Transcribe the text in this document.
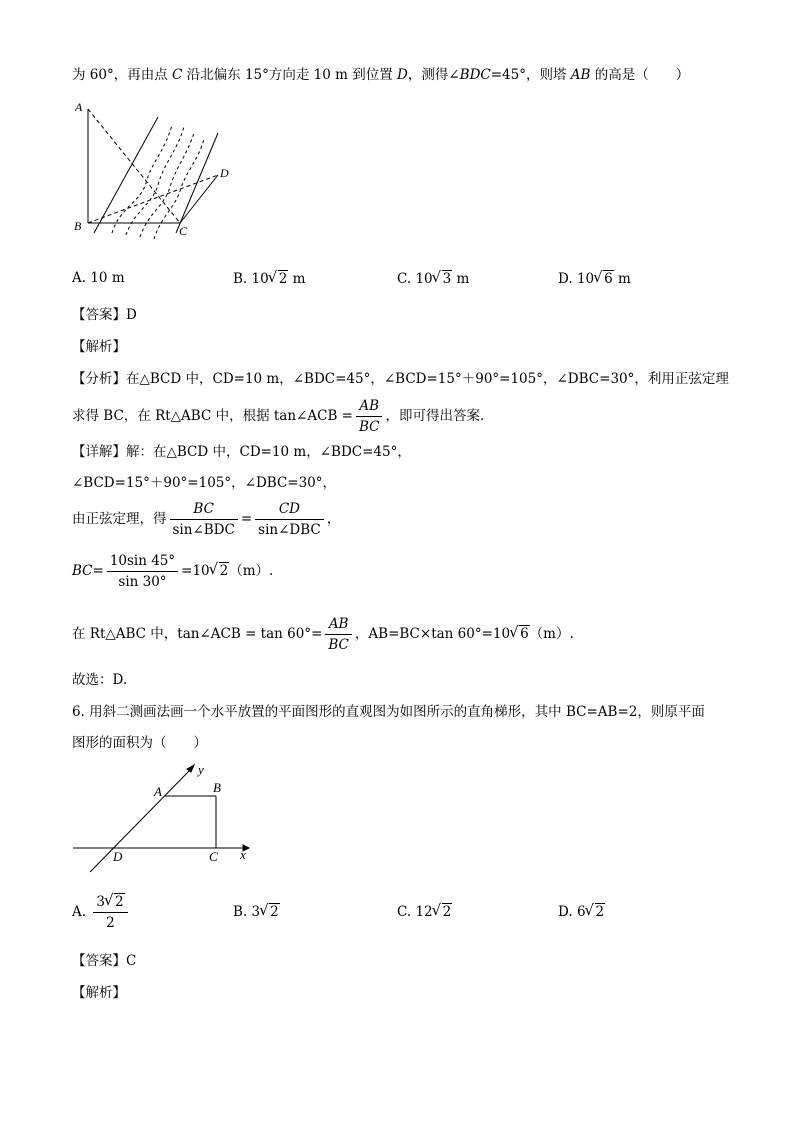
为 60°，再由点 C 沿北偏东 15°方向走 10 m 到位置 D，测得∠BDC=45°，则塔 AB 的高是（　　）
A
B	C
D
A. 10 m	B. 10√ 2 m	C. 10√ 3 m	D. 10√ 6 m
【答案】D
【解析】
【分析】在△BCD 中，CD=10 m，∠BDC=45°，∠BCD=15°＋90°=105°，∠DBC=30°，利用正弦定理
求得 BC，在 Rt△ABC 中，根据 tan∠ACB = $\frac{AB}{BC}$ ，即可得出答案.
【详解】解：在△BCD 中，CD=10 m，∠BDC=45°，
∠BCD=15°＋90°=105°，∠DBC=30°，
由正弦定理，得 $\frac{BC}{\text{sin∠BDC}} = \frac{CD}{\text{sin∠DBC}}$ ，
$BC= \frac{10\sin 45^\circ}{\sin 30^\circ} =10√$ 2（m）.
在 Rt△ABC 中，tan∠ACB = $\tan 60^\circ= \frac{AB}{BC}$ ，AB=BC×tan 60°=10√ 6（m）.
故选：D.
6. 用斜二测画法画一个水平放置的平面图形的直观图为如图所示的直角梯形，其中 BC=AB=2，则原平面
图形的面积为（　　）
y
A	B
D	C x
A. $\frac{3√ 2}{2}$	B. 3√ 2	C. 12√ 2	D. 6√ 2
【答案】C
【解析】
